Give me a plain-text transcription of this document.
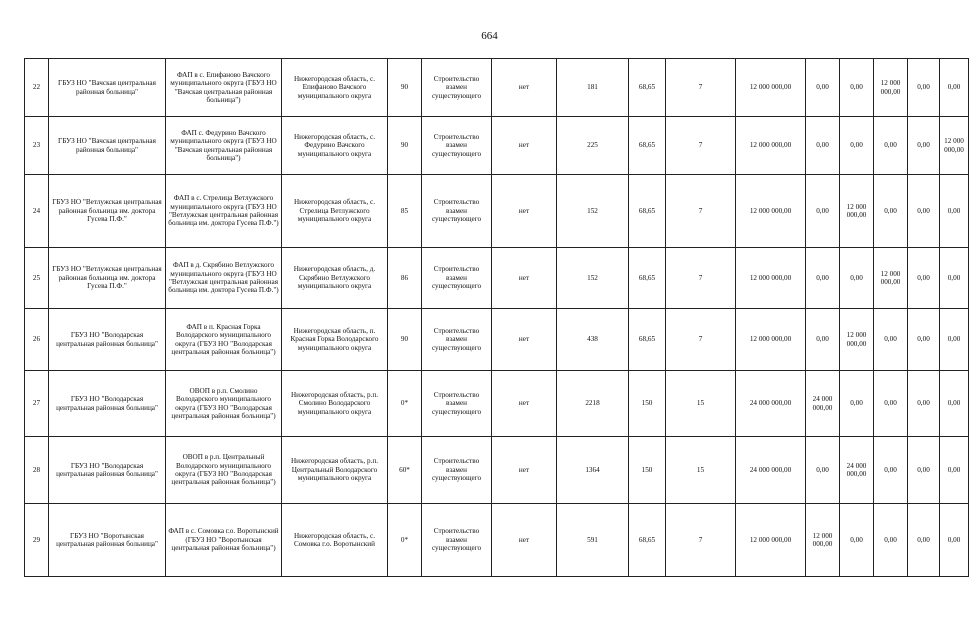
664
22	ГБУЗ НО "Вачская центральная районная больница"	ФАП в с. Епифаново Вачского муниципального округа (ГБУЗ НО "Вачская центральная районная больница")	Нижегородская область, с. Епифаново Вачского муниципального округа	90	Строительство взамен существующего	нет	181	68,65	7	12 000 000,00	0,00	0,00	12 000 000,00	0,00	0,00
23	ГБУЗ НО "Вачская центральная районная больница"	ФАП с. Федурино Вачского муниципального округа (ГБУЗ НО "Вачская центральная районная больница")	Нижегородская область, с. Федурино Вачского муниципального округа	90	Строительство взамен существующего	нет	225	68,65	7	12 000 000,00	0,00	0,00	0,00	0,00	12 000 000,00
24	ГБУЗ НО "Ветлужская центральная районная больница им. доктора Гусева П.Ф."	ФАП в с. Стрелица Ветлужского муниципального округа (ГБУЗ НО "Ветлужская центральная районная больница им. доктора Гусева П.Ф.")	Нижегородская область, с. Стрелица Ветлужского муниципального округа	85	Строительство взамен существующего	нет	152	68,65	7	12 000 000,00	0,00	12 000 000,00	0,00	0,00	0,00
25	ГБУЗ НО "Ветлужская центральная районная больница им. доктора Гусева П.Ф."	ФАП в д. Скрябино Ветлужского муниципального округа (ГБУЗ НО "Ветлужская центральная районная больница им. доктора Гусева П.Ф.")	Нижегородская область, д. Скрябино Ветлужского муниципального округа	86	Строительство взамен существующего	нет	152	68,65	7	12 000 000,00	0,00	0,00	12 000 000,00	0,00	0,00
26	ГБУЗ НО "Володарская центральная районная больница"	ФАП в п. Красная Горка Володарского муниципального округа (ГБУЗ НО "Володарская центральная районная больница")	Нижегородская область, п. Красная Горка Володарского муниципального округа	90	Строительство взамен существующего	нет	438	68,65	7	12 000 000,00	0,00	12 000 000,00	0,00	0,00	0,00
27	ГБУЗ НО "Володарская центральная районная больница"	ОВОП в р.п. Смолино Володарского муниципального округа (ГБУЗ НО "Володарская центральная районная больница")	Нижегородская область, р.п. Смолино Володарского муниципального округа	0*	Строительство взамен существующего	нет	2218	150	15	24 000 000,00	24 000 000,00	0,00	0,00	0,00	0,00
28	ГБУЗ НО "Володарская центральная районная больница"	ОВОП в р.п. Центральный Володарского муниципального округа (ГБУЗ НО "Володарская центральная районная больница")	Нижегородская область, р.п. Центральный Володарского муниципального округа	60*	Строительство взамен существующего	нет	1364	150	15	24 000 000,00	0,00	24 000 000,00	0,00	0,00	0,00
29	ГБУЗ НО "Воротынская центральная районная больница"	ФАП в с. Сомовка г.о. Воротынский (ГБУЗ НО "Воротынская центральная районная больница")	Нижегородская область, с. Сомовка г.о. Воротынский	0*	Строительство взамен существующего	нет	591	68,65	7	12 000 000,00	12 000 000,00	0,00	0,00	0,00	0,00
